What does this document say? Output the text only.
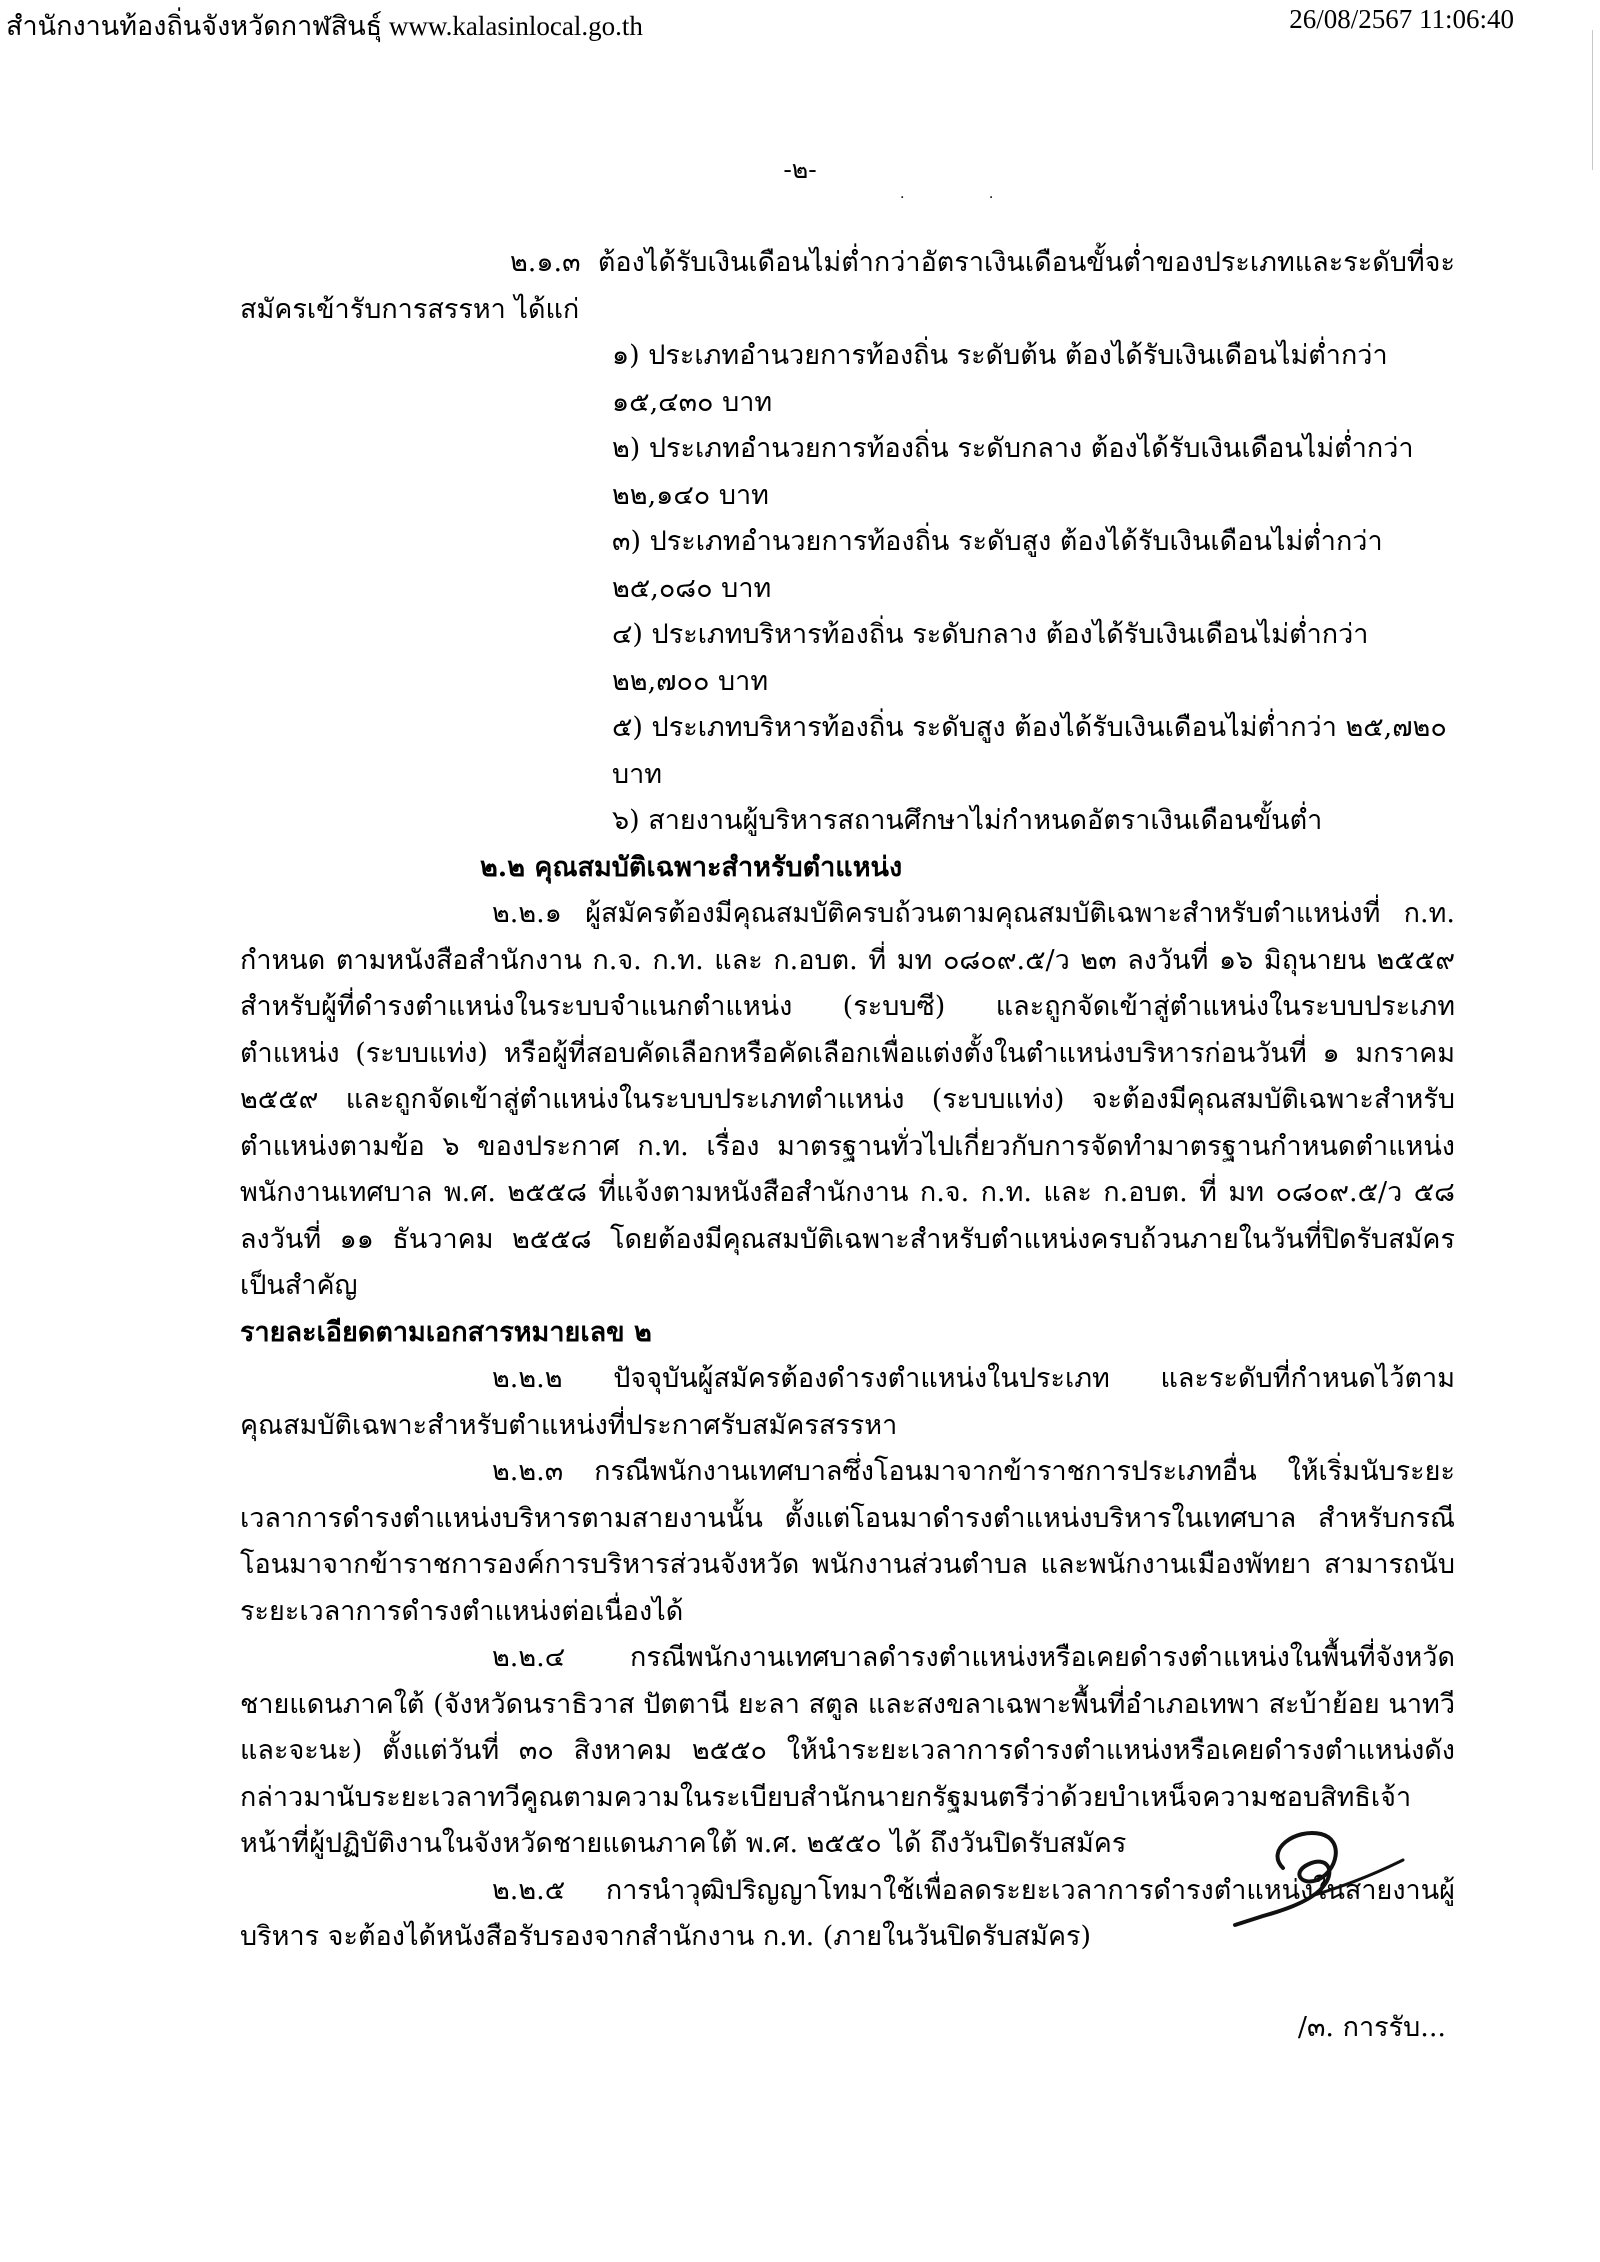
สำนักงานท้องถิ่นจังหวัดกาฬสินธุ์ www.kalasinlocal.go.th	26/08/2567 11:06:40
-๒-
. .

๒.๑.๓ ต้องได้รับเงินเดือนไม่ต่ำกว่าอัตราเงินเดือนขั้นต่ำของประเภทและระดับที่จะสมัครเข้ารับการสรรหา ได้แก่

๑) ประเภทอำนวยการท้องถิ่น ระดับต้น ต้องได้รับเงินเดือนไม่ต่ำกว่า ๑๕,๔๓๐ บาท
๒) ประเภทอำนวยการท้องถิ่น ระดับกลาง ต้องได้รับเงินเดือนไม่ต่ำกว่า ๒๒,๑๔๐ บาท
๓) ประเภทอำนวยการท้องถิ่น ระดับสูง ต้องได้รับเงินเดือนไม่ต่ำกว่า ๒๕,๐๘๐ บาท
๔) ประเภทบริหารท้องถิ่น ระดับกลาง ต้องได้รับเงินเดือนไม่ต่ำกว่า ๒๒,๗๐๐ บาท
๕) ประเภทบริหารท้องถิ่น ระดับสูง ต้องได้รับเงินเดือนไม่ต่ำกว่า ๒๕,๗๒๐ บาท
๖) สายงานผู้บริหารสถานศึกษาไม่กำหนดอัตราเงินเดือนขั้นต่ำ

๒.๒ คุณสมบัติเฉพาะสำหรับตำแหน่ง

๒.๒.๑ ผู้สมัครต้องมีคุณสมบัติครบถ้วนตามคุณสมบัติเฉพาะสำหรับตำแหน่งที่ ก.ท. กำหนด ตามหนังสือสำนักงาน ก.จ. ก.ท. และ ก.อบต. ที่ มท ๐๘๐๙.๕/ว ๒๓ ลงวันที่ ๑๖ มิถุนายน ๒๕๕๙ สำหรับผู้ที่ดำรงตำแหน่งในระบบจำแนกตำแหน่ง (ระบบซี) และถูกจัดเข้าสู่ตำแหน่งในระบบประเภทตำแหน่ง (ระบบแท่ง) หรือผู้ที่สอบคัดเลือกหรือคัดเลือกเพื่อแต่งตั้งในตำแหน่งบริหารก่อนวันที่ ๑ มกราคม ๒๕๕๙ และถูกจัดเข้าสู่ตำแหน่งในระบบประเภทตำแหน่ง (ระบบแท่ง) จะต้องมีคุณสมบัติเฉพาะสำหรับตำแหน่งตามข้อ ๖ ของประกาศ ก.ท. เรื่อง มาตรฐานทั่วไปเกี่ยวกับการจัดทำมาตรฐานกำหนดตำแหน่งพนักงานเทศบาล พ.ศ. ๒๕๕๘ ที่แจ้งตามหนังสือสำนักงาน ก.จ. ก.ท. และ ก.อบต. ที่ มท ๐๘๐๙.๕/ว ๕๘ ลงวันที่ ๑๑ ธันวาคม ๒๕๕๘ โดยต้องมีคุณสมบัติเฉพาะสำหรับตำแหน่งครบถ้วนภายในวันที่ปิดรับสมัครเป็นสำคัญ

รายละเอียดตามเอกสารหมายเลข ๒

๒.๒.๒ ปัจจุบันผู้สมัครต้องดำรงตำแหน่งในประเภท และระดับที่กำหนดไว้ตามคุณสมบัติเฉพาะสำหรับตำแหน่งที่ประกาศรับสมัครสรรหา

๒.๒.๓ กรณีพนักงานเทศบาลซึ่งโอนมาจากข้าราชการประเภทอื่น ให้เริ่มนับระยะเวลาการดำรงตำแหน่งบริหารตามสายงานนั้น ตั้งแต่โอนมาดำรงตำแหน่งบริหารในเทศบาล สำหรับกรณีโอนมาจากข้าราชการองค์การบริหารส่วนจังหวัด พนักงานส่วนตำบล และพนักงานเมืองพัทยา สามารถนับระยะเวลาการดำรงตำแหน่งต่อเนื่องได้

๒.๒.๔ กรณีพนักงานเทศบาลดำรงตำแหน่งหรือเคยดำรงตำแหน่งในพื้นที่จังหวัดชายแดนภาคใต้ (จังหวัดนราธิวาส ปัตตานี ยะลา สตูล และสงขลาเฉพาะพื้นที่อำเภอเทพา สะบ้าย้อย นาทวี และจะนะ) ตั้งแต่วันที่ ๓๐ สิงหาคม ๒๕๕๐ ให้นำระยะเวลาการดำรงตำแหน่งหรือเคยดำรงตำแหน่งดังกล่าวมานับระยะเวลาทวีคูณตามความในระเบียบสำนักนายกรัฐมนตรีว่าด้วยบำเหน็จความชอบสิทธิเจ้าหน้าที่ผู้ปฏิบัติงานในจังหวัดชายแดนภาคใต้ พ.ศ. ๒๕๕๐ ได้ ถึงวันปิดรับสมัคร

๒.๒.๕ การนำวุฒิปริญญาโทมาใช้เพื่อลดระยะเวลาการดำรงตำแหน่งในสายงานผู้บริหาร จะต้องได้หนังสือรับรองจากสำนักงาน ก.ท. (ภายในวันปิดรับสมัคร)

/๓. การรับ...
